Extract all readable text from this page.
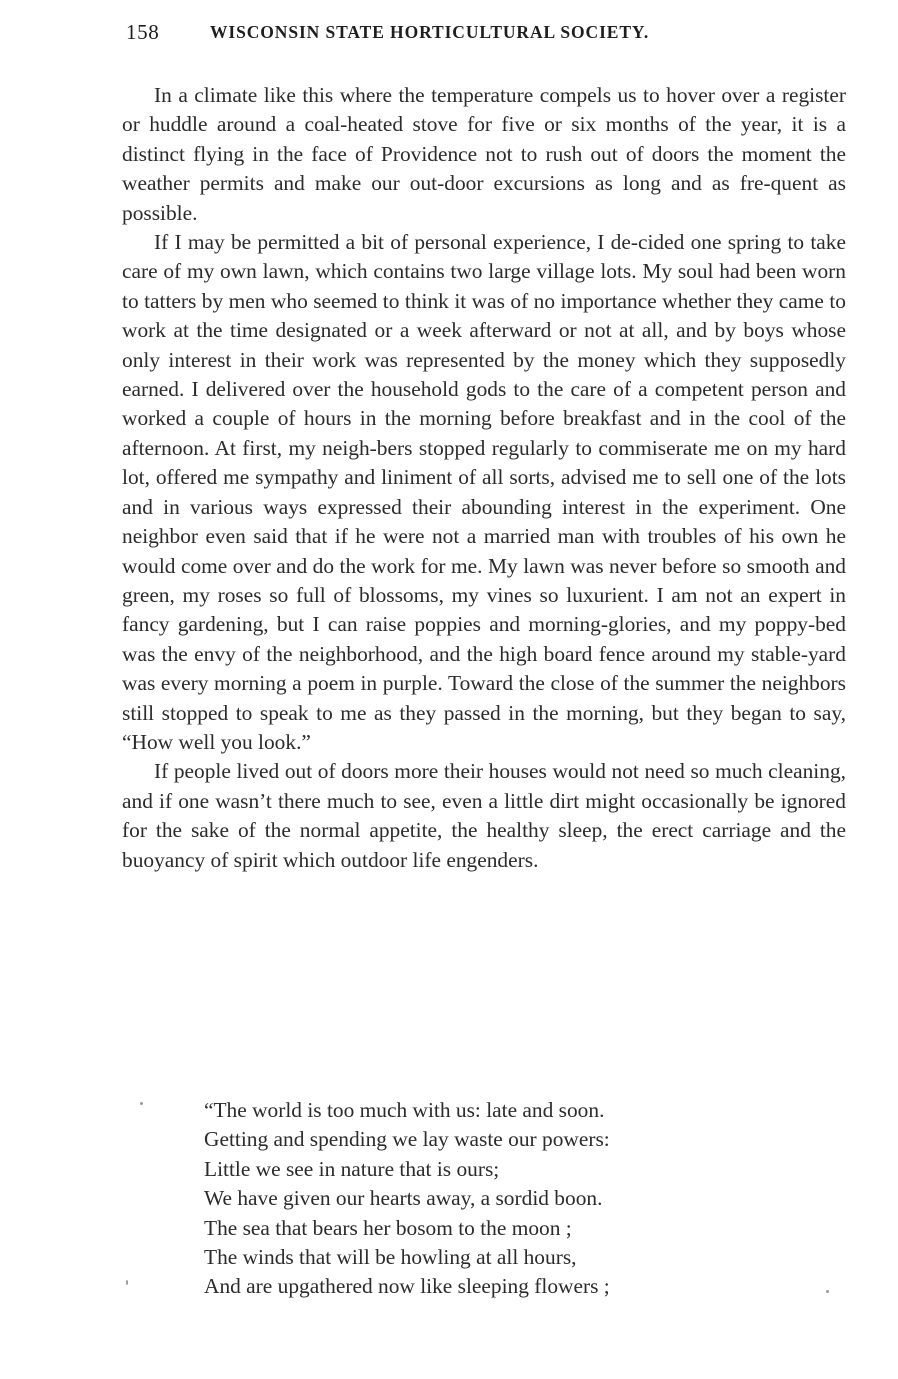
158	WISCONSIN STATE HORTICULTURAL SOCIETY.

In a climate like this where the temperature compels us to hover over a register or huddle around a coal-heated stove for five or six months of the year, it is a distinct flying in the face of Providence not to rush out of doors the moment the weather permits and make our out-door excursions as long and as fre-quent as possible.

If I may be permitted a bit of personal experience, I de-cided one spring to take care of my own lawn, which contains two large village lots. My soul had been worn to tatters by men who seemed to think it was of no importance whether they came to work at the time designated or a week afterward or not at all, and by boys whose only interest in their work was represented by the money which they supposedly earned. I delivered over the household gods to the care of a competent person and worked a couple of hours in the morning before breakfast and in the cool of the afternoon. At first, my neigh-bers stopped regularly to commiserate me on my hard lot, offered me sympathy and liniment of all sorts, advised me to sell one of the lots and in various ways expressed their abounding interest in the experiment. One neighbor even said that if he were not a married man with troubles of his own he would come over and do the work for me. My lawn was never before so smooth and green, my roses so full of blossoms, my vines so luxurient. I am not an expert in fancy gardening, but I can raise poppies and morning-glories, and my poppy-bed was the envy of the neighborhood, and the high board fence around my stable-yard was every morning a poem in purple. Toward the close of the summer the neighbors still stopped to speak to me as they passed in the morning, but they began to say, “How well you look.”

If people lived out of doors more their houses would not need so much cleaning, and if one wasn’t there much to see, even a little dirt might occasionally be ignored for the sake of the normal appetite, the healthy sleep, the erect carriage and the buoyancy of spirit which outdoor life engenders.

“The world is too much with us: late and soon.
Getting and spending we lay waste our powers:
Little we see in nature that is ours;
We have given our hearts away, a sordid boon.
The sea that bears her bosom to the moon ;
The winds that will be howling at all hours,
And are upgathered now like sleeping flowers ;
